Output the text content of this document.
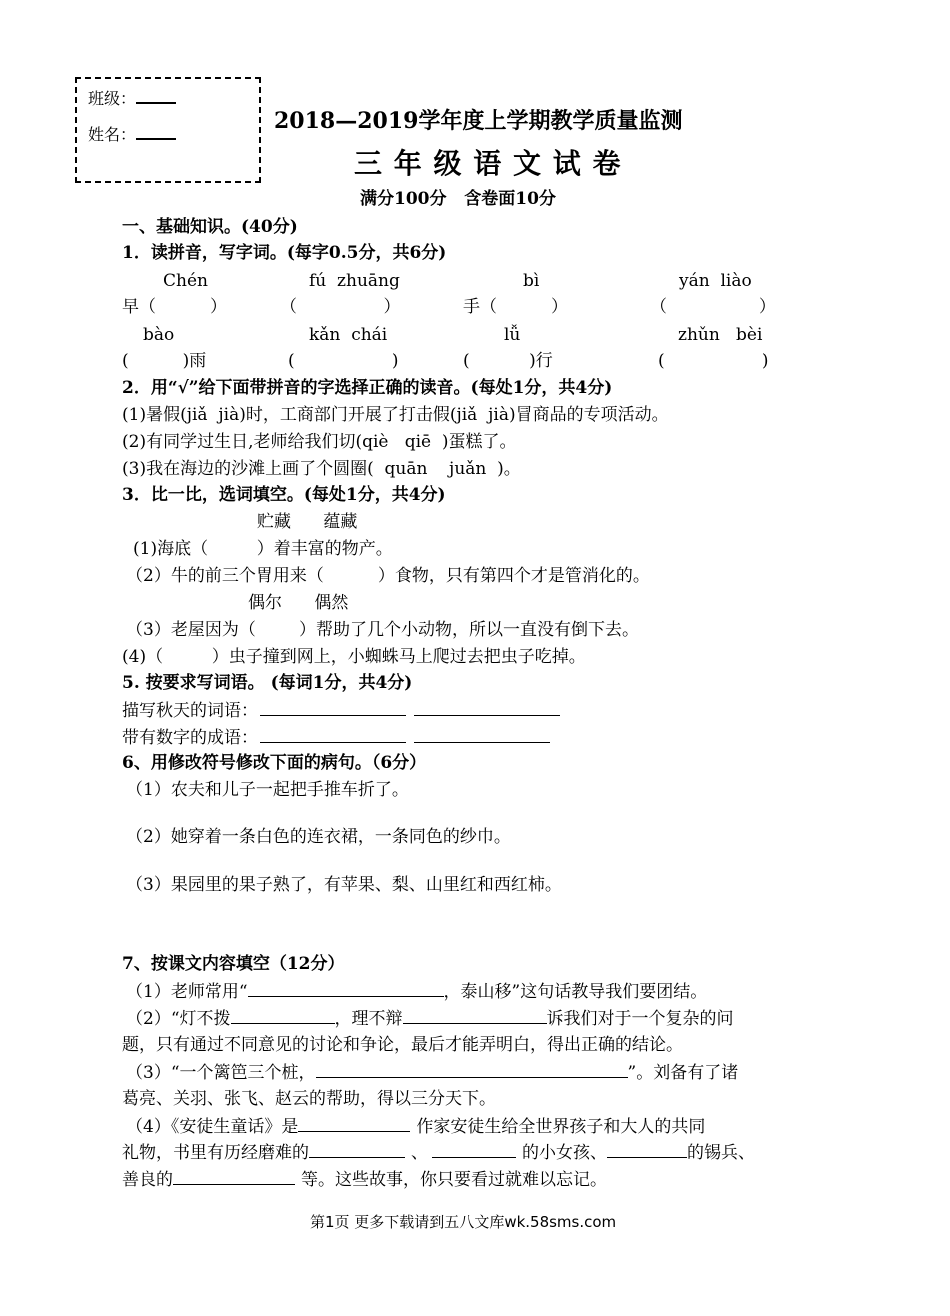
班级：
姓名：
2018—2019学年度上学期教学质量监测
三 年 级 语 文 试 卷
满分100分   含卷面10分
一、基础知识。(40分)
1．读拼音，写字词。(每字0.5分，共6分)
Chén	fú  zhuāng	bì	yán  liào
早（          ）	（                ）	手（          ）	（                 ）
bào	kǎn  chái	lǚ	zhǔn   bèi
(          )雨	(                  )	(           )行	(                  )
2．用“√”给下面带拼音的字选择正确的读音。(每处1分，共4分)
(1)暑假(jiǎ  jià)时，工商部门开展了打击假(jiǎ  jià)冒商品的专项活动。
(2)有同学过生日,老师给我们切(qiè   qiē  )蛋糕了。
(3)我在海边的沙滩上画了个圆圈(  quān    juǎn  )。
3．比一比，选词填空。(每处1分，共4分)
贮藏      蕴藏
(1)海底（         ）着丰富的物产。
（2）牛的前三个胃用来（          ）食物，只有第四个才是管消化的。
偶尔      偶然
（3）老屋因为（        ）帮助了几个小动物，所以一直没有倒下去。
(4)（         ）虫子撞到网上，小蜘蛛马上爬过去把虫子吃掉。
5. 按要求写词语。 (每词1分，共4分)
描写秋天的词语：
带有数字的成语：
6、用修改符号修改下面的病句。（6分）
（1）农夫和儿子一起把手推车折了。
（2）她穿着一条白色的连衣裙，一条同色的纱巾。
（3）果园里的果子熟了，有苹果、梨、山里红和西红柿。
7、按课文内容填空（12分）
（1）老师常用“	，泰山移”这句话教导我们要团结。
（2）“灯不拨	，理不辩	诉我们对于一个复杂的问
题，只有通过不同意见的讨论和争论，最后才能弄明白，得出正确的结论。
（3）“一个篱笆三个桩，	”。刘备有了诸
葛亮、关羽、张飞、赵云的帮助，得以三分天下。
（4）《安徒生童话》是	作家安徒生给全世界孩子和大人的共同
礼物，书里有历经磨难的	、	的小女孩、	的锡兵、
善良的	等。这些故事，你只要看过就难以忘记。
第1页 更多下载请到五八文库wk.58sms.com
